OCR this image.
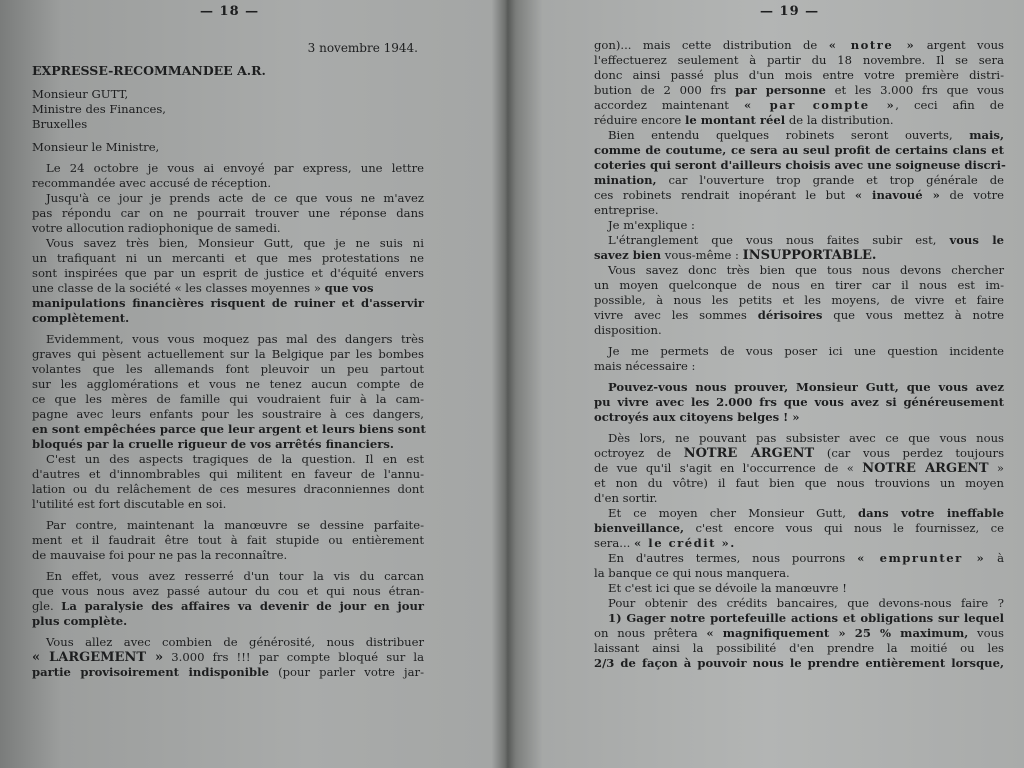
— 18 —
3 novembre 1944.
EXPRESSE-RECOMMANDEE A.R.
Monsieur GUTT,
Ministre des Finances,
Bruxelles
Monsieur le Ministre,
Le 24 octobre je vous ai envoyé par express, une lettre
recommandée avec accusé de réception.
Jusqu'à ce jour je prends acte de ce que vous ne m'avez
pas répondu car on ne pourrait trouver une réponse dans
votre allocution radiophonique de samedi.
Vous savez très bien, Monsieur Gutt, que je ne suis ni
un trafiquant ni un mercanti et que mes protestations ne
sont inspirées que par un esprit de justice et d'équité envers
une classe de la société « les classes moyennes » que vos
manipulations financières risquent de ruiner et d'asservir
complètement.
Evidemment, vous vous moquez pas mal des dangers très
graves qui pèsent actuellement sur la Belgique par les bombes
volantes que les allemands font pleuvoir un peu partout
sur les agglomérations et vous ne tenez aucun compte de
ce que les mères de famille qui voudraient fuir à la cam-
pagne avec leurs enfants pour les soustraire à ces dangers,
en sont empêchées parce que leur argent et leurs biens sont
bloqués par la cruelle rigueur de vos arrêtés financiers.
C'est un des aspects tragiques de la question. Il en est
d'autres et d'innombrables qui militent en faveur de l'annu-
lation ou du relâchement de ces mesures draconniennes dont
l'utilité est fort discutable en soi.
Par contre, maintenant la manœuvre se dessine parfaite-
ment et il faudrait être tout à fait stupide ou entièrement
de mauvaise foi pour ne pas la reconnaître.
En effet, vous avez resserré d'un tour la vis du carcan
que vous nous avez passé autour du cou et qui nous étran-
gle. La paralysie des affaires va devenir de jour en jour
plus complète.
Vous allez avec combien de générosité, nous distribuer
« LARGEMENT » 3.000 frs !!! par compte bloqué sur la
partie provisoirement indisponible (pour parler votre jar-
— 19 —
gon)... mais cette distribution de « notre » argent vous
l'effectuerez seulement à partir du 18 novembre. Il se sera
donc ainsi passé plus d'un mois entre votre première distri-
bution de 2 000 frs par personne et les 3.000 frs que vous
accordez maintenant « par compte », ceci afin de
réduire encore le montant réel de la distribution.
Bien entendu quelques robinets seront ouverts, mais,
comme de coutume, ce sera au seul profit de certains clans et
coteries qui seront d'ailleurs choisis avec une soigneuse discri-
mination, car l'ouverture trop grande et trop générale de
ces robinets rendrait inopérant le but « inavoué » de votre
entreprise.
Je m'explique :
L'étranglement que vous nous faites subir est, vous le
savez bien vous-même : INSUPPORTABLE.
Vous savez donc très bien que tous nous devons chercher
un moyen quelconque de nous en tirer car il nous est im-
possible, à nous les petits et les moyens, de vivre et faire
vivre avec les sommes dérisoires que vous mettez à notre
disposition.
Je me permets de vous poser ici une question incidente
mais nécessaire :
Pouvez-vous nous prouver, Monsieur Gutt, que vous avez
pu vivre avec les 2.000 frs que vous avez si généreusement
octroyés aux citoyens belges ! »
Dès lors, ne pouvant pas subsister avec ce que vous nous
octroyez de NOTRE ARGENT (car vous perdez toujours
de vue qu'il s'agit en l'occurrence de « NOTRE ARGENT »
et non du vôtre) il faut bien que nous trouvions un moyen
d'en sortir.
Et ce moyen cher Monsieur Gutt, dans votre ineffable
bienveillance, c'est encore vous qui nous le fournissez, ce
sera... « le crédit ».
En d'autres termes, nous pourrons « emprunter » à
la banque ce qui nous manquera.
Et c'est ici que se dévoile la manœuvre !
Pour obtenir des crédits bancaires, que devons-nous faire ?
1) Gager notre portefeuille actions et obligations sur lequel
on nous prêtera « magnifiquement » 25 % maximum, vous
laissant ainsi la possibilité d'en prendre la moitié ou les
2/3 de façon à pouvoir nous le prendre entièrement lorsque,
